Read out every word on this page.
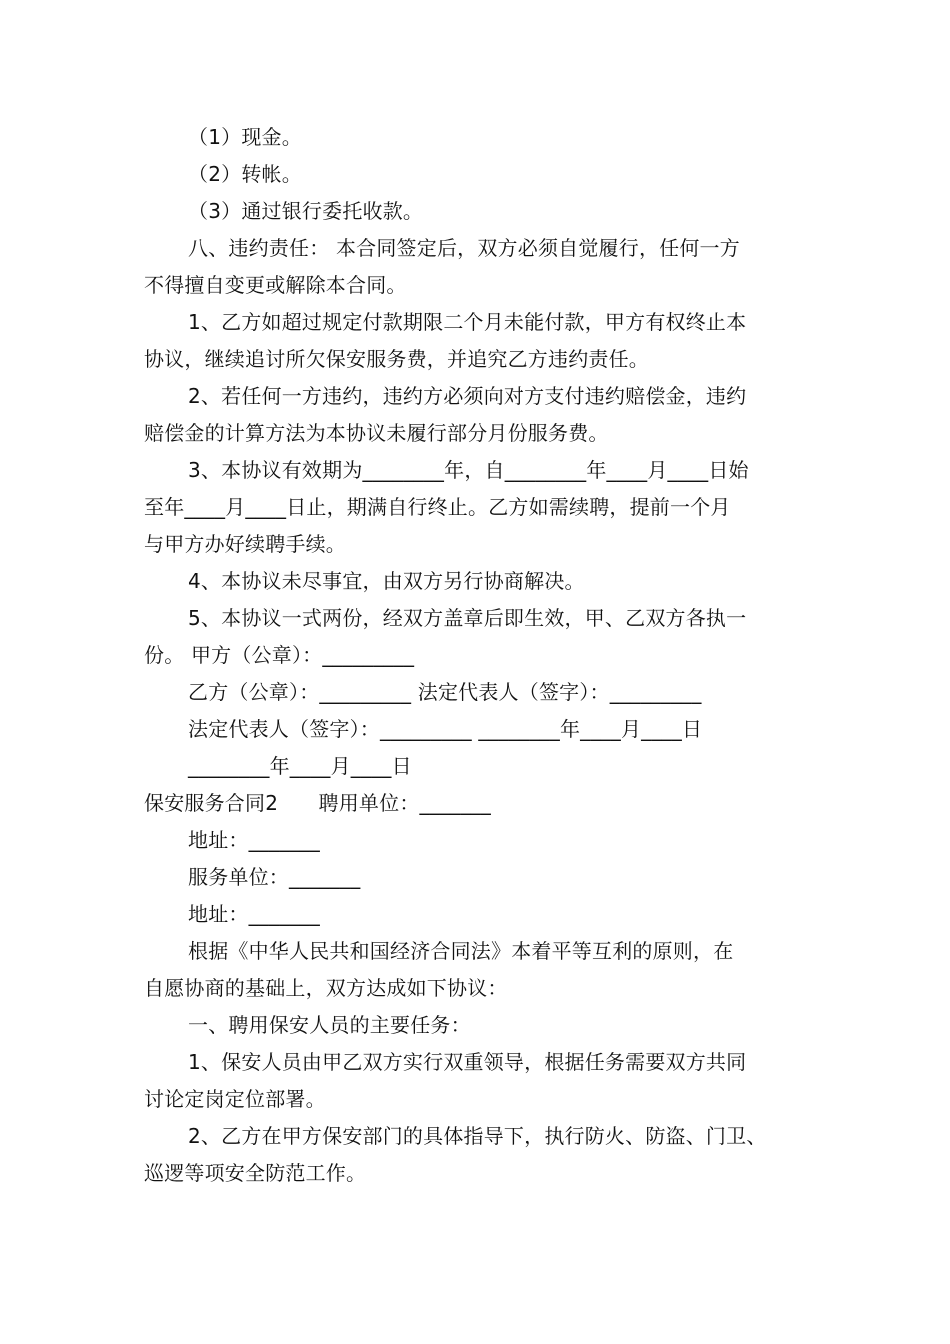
（1）现金。
（2）转帐。
（3）通过银行委托收款。
八、违约责任： 本合同签定后，双方必须自觉履行，任何一方
不得擅自变更或解除本合同。
1、乙方如超过规定付款期限二个月未能付款，甲方有权终止本
协议，继续追讨所欠保安服务费，并追究乙方违约责任。
2、若任何一方违约，违约方必须向对方支付违约赔偿金，违约
赔偿金的计算方法为本协议未履行部分月份服务费。
3、本协议有效期为________年，自________年____月____日始
至年____月____日止，期满自行终止。乙方如需续聘，提前一个月
与甲方办好续聘手续。
4、本协议未尽事宜，由双方另行协商解决。
5、本协议一式两份，经双方盖章后即生效，甲、乙双方各执一
份。 甲方（公章）：_________
乙方（公章）：_________ 法定代表人（签字）：_________
法定代表人（签字）：_________ ________年____月____日
________年____月____日
保安服务合同2　　聘用单位：_______
地址：_______
服务单位：_______
地址：_______
根据《中华人民共和国经济合同法》本着平等互利的原则，在
自愿协商的基础上，双方达成如下协议：
一、聘用保安人员的主要任务：
1、保安人员由甲乙双方实行双重领导，根据任务需要双方共同
讨论定岗定位部署。
2、乙方在甲方保安部门的具体指导下，执行防火、防盗、门卫、
巡逻等项安全防范工作。
